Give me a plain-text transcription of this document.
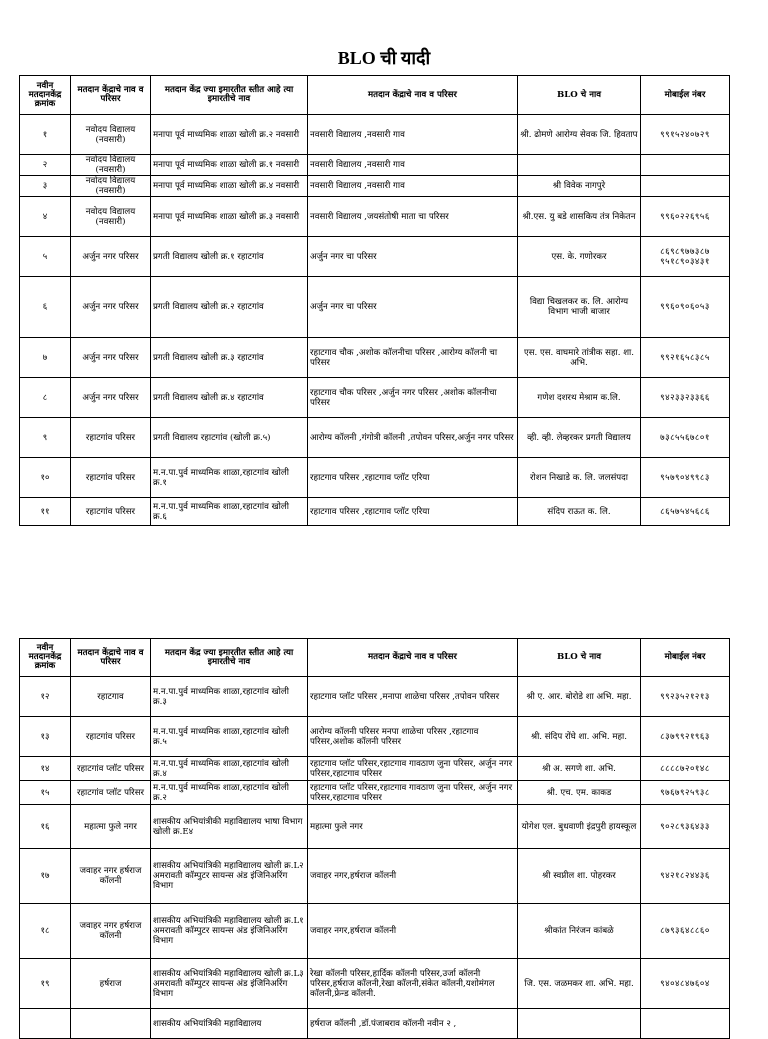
BLO ची यादी
नवीन मतदानकेंद्र क्रमांक	मतदान केंद्राचे नाव व परिसर	मतदान केंद्र ज्या इमारतीत स्तीत आहे त्या इमारतीचे नाव	मतदान केंद्राचे नाव व परिसर	BLO चे नाव	मोबाईल नंबर
१	नवोदय विद्यालय (नवसारी)	मनापा पूर्व माध्यमिक शाळा खोली क्र.२ नवसारी	नवसारी विद्यालय ,नवसारी गाव	श्री. ढोमणे आरोग्य सेवक जि. हिवताप	९९१५२४०७२९
२	नवोदय विद्यालय (नवसारी)	मनापा पूर्व माध्यमिक शाळा खोली क्र.१ नवसारी	नवसारी विद्यालय ,नवसारी गाव		
३	नवोदय विद्यालय (नवसारी)	मनापा पूर्व माध्यमिक शाळा खोली क्र.४ नवसारी	नवसारी विद्यालय ,नवसारी गाव	श्री विवेक नागपुरे	
४	नवोदय विद्यालय (नवसारी)	मनापा पूर्व माध्यमिक शाळा खोली क्र.३ नवसारी	नवसारी विद्यालय ,जयसंतोषी माता चा परिसर	श्री.एस. यु बडे शासकिय तंत्र निकेतन	९९६०२२६९५६
५	अर्जुन नगर परिसर	प्रगती विद्यालय खोली क्र.१ रहाटगांव	अर्जुन नगर चा परिसर	एस. के. गणोरकर	८६९८९७७३८७ ९५१८९०३४३१
६	अर्जुन नगर परिसर	प्रगती विद्यालय खोली क्र.२ रहाटगांव	अर्जुन नगर चा परिसर	विद्या चिखलकर क. लि. आरोग्य विभाग भाजी बाजार	९९६०९०६०५३
७	अर्जुन नगर परिसर	प्रगती विद्यालय खोली क्र.३ रहाटगांव	रहाटगाव चौक ,अशोक कॉलनीचा परिसर ,आरोग्य कॉलनी चा परिसर	एस. एस. वाघमारे तांत्रीक सहा. शा. अभि.	९९२१६५८३८५
८	अर्जुन नगर परिसर	प्रगती विद्यालय खोली क्र.४ रहाटगांव	रहाटगाव चौक परिसर ,अर्जुन नगर परिसर ,अशोक कॉलनीचा परिसर	गणेश दशरथ मेश्राम क.लि.	९४२३३२३३६६
९	रहाटगांव परिसर	प्रगती विद्यालय रहाटगांव (खोली क्र.५)	आरोग्य कॉलनी ,गंगोत्री कॉलनी ,तपोवन परिसर,अर्जुन नगर परिसर	व्ही. व्ही. लेव्हरकर प्रगती विद्यालय	७३८५५६७८०१
१०	रहाटगांव परिसर	म.न.पा.पुर्व माध्यमिक शाळा,रहाटगांव खोली क्र.१	रहाटगाव परिसर ,रहाटगाव प्लॉट एरिया	रोशन निखाडे क. लि. जलसंपदा	९५७९०४९९८३
११	रहाटगांव परिसर	म.न.पा.पुर्व माध्यमिक शाळा,रहाटगांव खोली क्र.६	रहाटगाव परिसर ,रहाटगाव प्लॉट एरिया	संदिप राऊत क. लि.	८६५७५४५६८६
नवीन मतदानकेंद्र क्रमांक	मतदान केंद्राचे नाव व परिसर	मतदान केंद्र ज्या इमारतीत स्तीत आहे त्या इमारतीचे नाव	मतदान केंद्राचे नाव व परिसर	BLO चे नाव	मोबाईल नंबर
१२	रहाटगाव	म.न.पा.पुर्व माध्यमिक शाळा,रहाटगांव खोली क्र.३	रहाटगाव प्लॉट परिसर ,मनापा शाळेचा परिसर ,तपोवन परिसर	श्री ए. आर. बोरोडे शा अभि. महा.	९९२३५२१२१३
१३	रहाटगांव परिसर	म.न.पा.पुर्व माध्यमिक शाळा,रहाटगांव खोली क्र.५	आरोग्य कॉलनी परिसर मनपा शाळेचा परिसर ,रहाटगाव परिसर,अशोक कॉलनी परिसर	श्री. संदिप रोंघे शा. अभि. महा.	८३७९९२१९६३
१४	रहाटगांव प्लॉट परिसर	म.न.पा.पुर्व माध्यमिक शाळा,रहाटगांव खोली क्र.४	रहाटगाव प्लॉट परिसर,रहाटगाव गावठाण जुना परिसर, अर्जुन नगर परिसर,रहाटगाव परिसर	श्री अ. सगणे शा. अभि.	८८८८७२०१४८
१५	रहाटगांव प्लॉट परिसर	म.न.पा.पुर्व माध्यमिक शाळा,रहाटगांव खोली क्र.२	रहाटगाव प्लॉट परिसर,रहाटगाव गावठाण जुना परिसर, अर्जुन नगर परिसर,रहाटगाव परिसर	श्री. एच. एम. काकड	९७६७९२५९३८
१६	महात्मा फुले नगर	शासकीय अभियांत्रीकी महाविद्यालय भाषा विभाग खोली क्र.E४	महात्मा फुले नगर	योगेश एल. बुधवाणी इंद्रपुरी हायस्कूल	९०२८९३६४३३
१७	जवाहर नगर हर्षराज कॉलनी	शासकीय अभियांत्रिकी महाविद्यालय खोली क्र.L२ अमरावती कॉम्पुटर सायन्स अंड इंजिनिअरिंग विभाग	जवाहर नगर,हर्षराज कॉलनी	श्री स्वप्नील शा. पोहरकर	९४२१८२४४३६
१८	जवाहर नगर हर्षराज कॉलनी	शासकीय अभियांत्रिकी महाविद्यालय खोली क्र.L१ अमरावती कॉम्पुटर सायन्स अंड इंजिनिअरिंग विभाग	जवाहर नगर,हर्षराज कॉलनी	श्रीकांत निरंजन कांबळे	८७९३६४८८६०
१९	हर्षराज	शासकीय अभियांत्रिकी महाविद्यालय खोली क्र.L३ अमरावती कॉम्पुटर सायन्स अंड इंजिनिअरिंग विभाग	रेखा कॉलनी परिसर,हार्दिक कॉलनी परिसर,उर्जा कॉलनी परिसर,हर्षराज कॉलनी,रेखा कॉलनी,संकेत कॉलनी,यशोमंगल कॉलनी,फ्रेन्ड कॉलनी.	जि. एस. जळमकर शा. अभि. महा.	९४०४८४७६०४
		शासकीय अभियांत्रिकी महाविद्यालय	हर्षराज कॉलनी ,डॉ.पंजाबराव कॉलनी नवीन २ ,		
